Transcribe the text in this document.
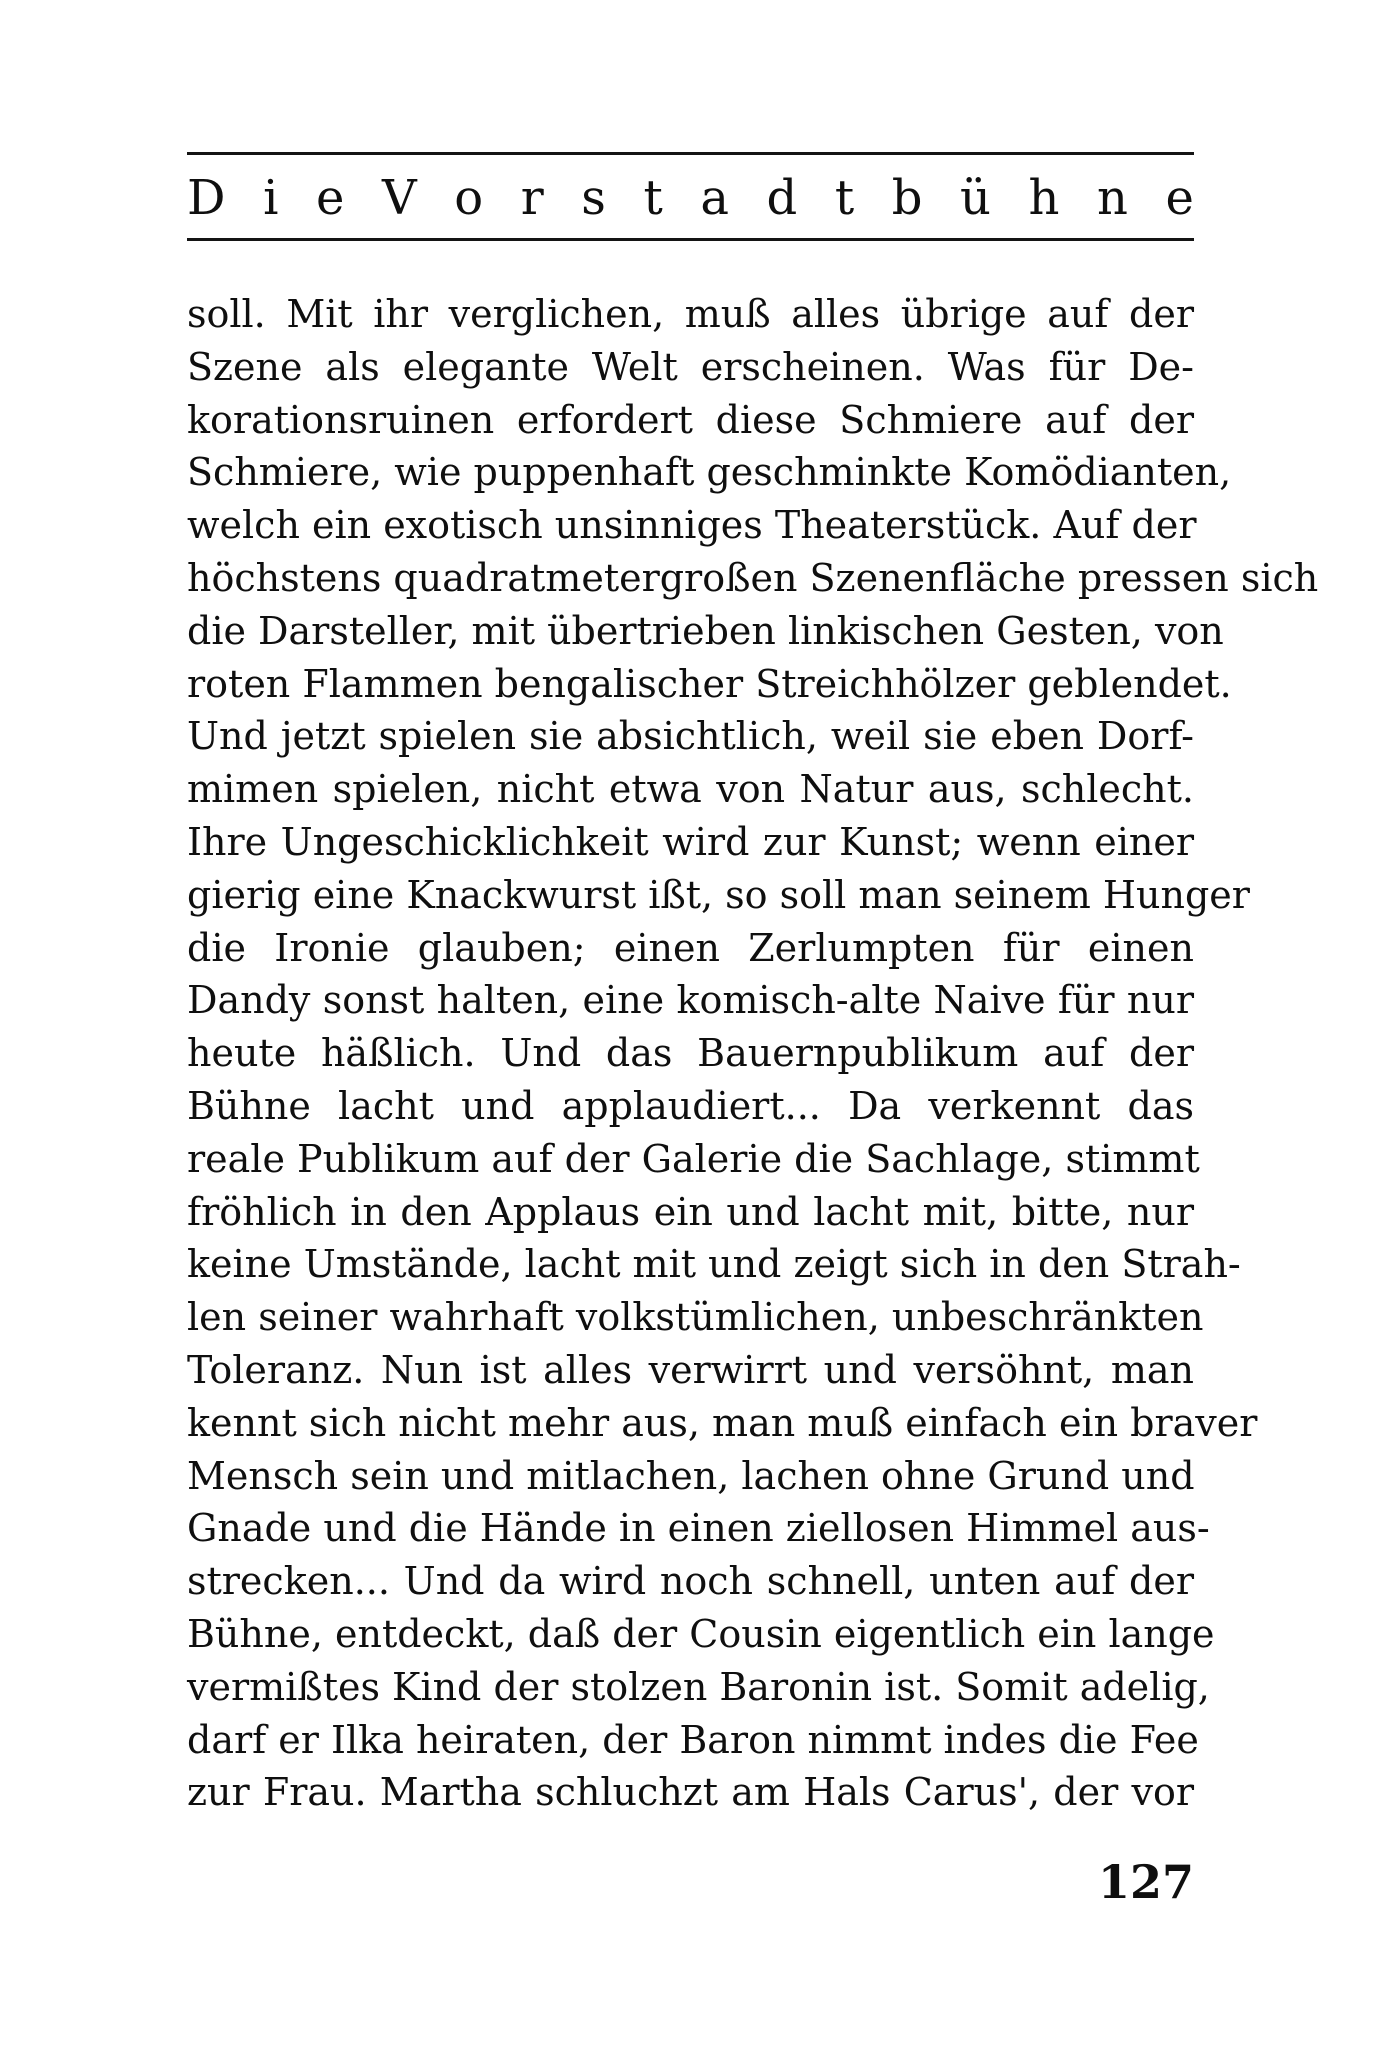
D i e V o r s t a d t b ü h n e
soll. Mit ihr verglichen, muß alles übrige auf der
Szene als elegante Welt erscheinen. Was für De-
korationsruinen erfordert diese Schmiere auf der
Schmiere, wie puppenhaft geschminkte Komödianten,
welch ein exotisch unsinniges Theaterstück. Auf der
höchstens quadratmetergroßen Szenenfläche pressen sich
die Darsteller, mit übertrieben linkischen Gesten, von
roten Flammen bengalischer Streichhölzer geblendet.
Und jetzt spielen sie absichtlich, weil sie eben Dorf-
mimen spielen, nicht etwa von Natur aus, schlecht.
Ihre Ungeschicklichkeit wird zur Kunst; wenn einer
gierig eine Knackwurst ißt, so soll man seinem Hunger
die Ironie glauben; einen Zerlumpten für einen
Dandy sonst halten, eine komisch-alte Naive für nur
heute häßlich. Und das Bauernpublikum auf der
Bühne lacht und applaudiert... Da verkennt das
reale Publikum auf der Galerie die Sachlage, stimmt
fröhlich in den Applaus ein und lacht mit, bitte, nur
keine Umstände, lacht mit und zeigt sich in den Strah-
len seiner wahrhaft volkstümlichen, unbeschränkten
Toleranz. Nun ist alles verwirrt und versöhnt, man
kennt sich nicht mehr aus, man muß einfach ein braver
Mensch sein und mitlachen, lachen ohne Grund und
Gnade und die Hände in einen ziellosen Himmel aus-
strecken... Und da wird noch schnell, unten auf der
Bühne, entdeckt, daß der Cousin eigentlich ein lange
vermißtes Kind der stolzen Baronin ist. Somit adelig,
darf er Ilka heiraten, der Baron nimmt indes die Fee
zur Frau. Martha schluchzt am Hals Carus', der vor
127
